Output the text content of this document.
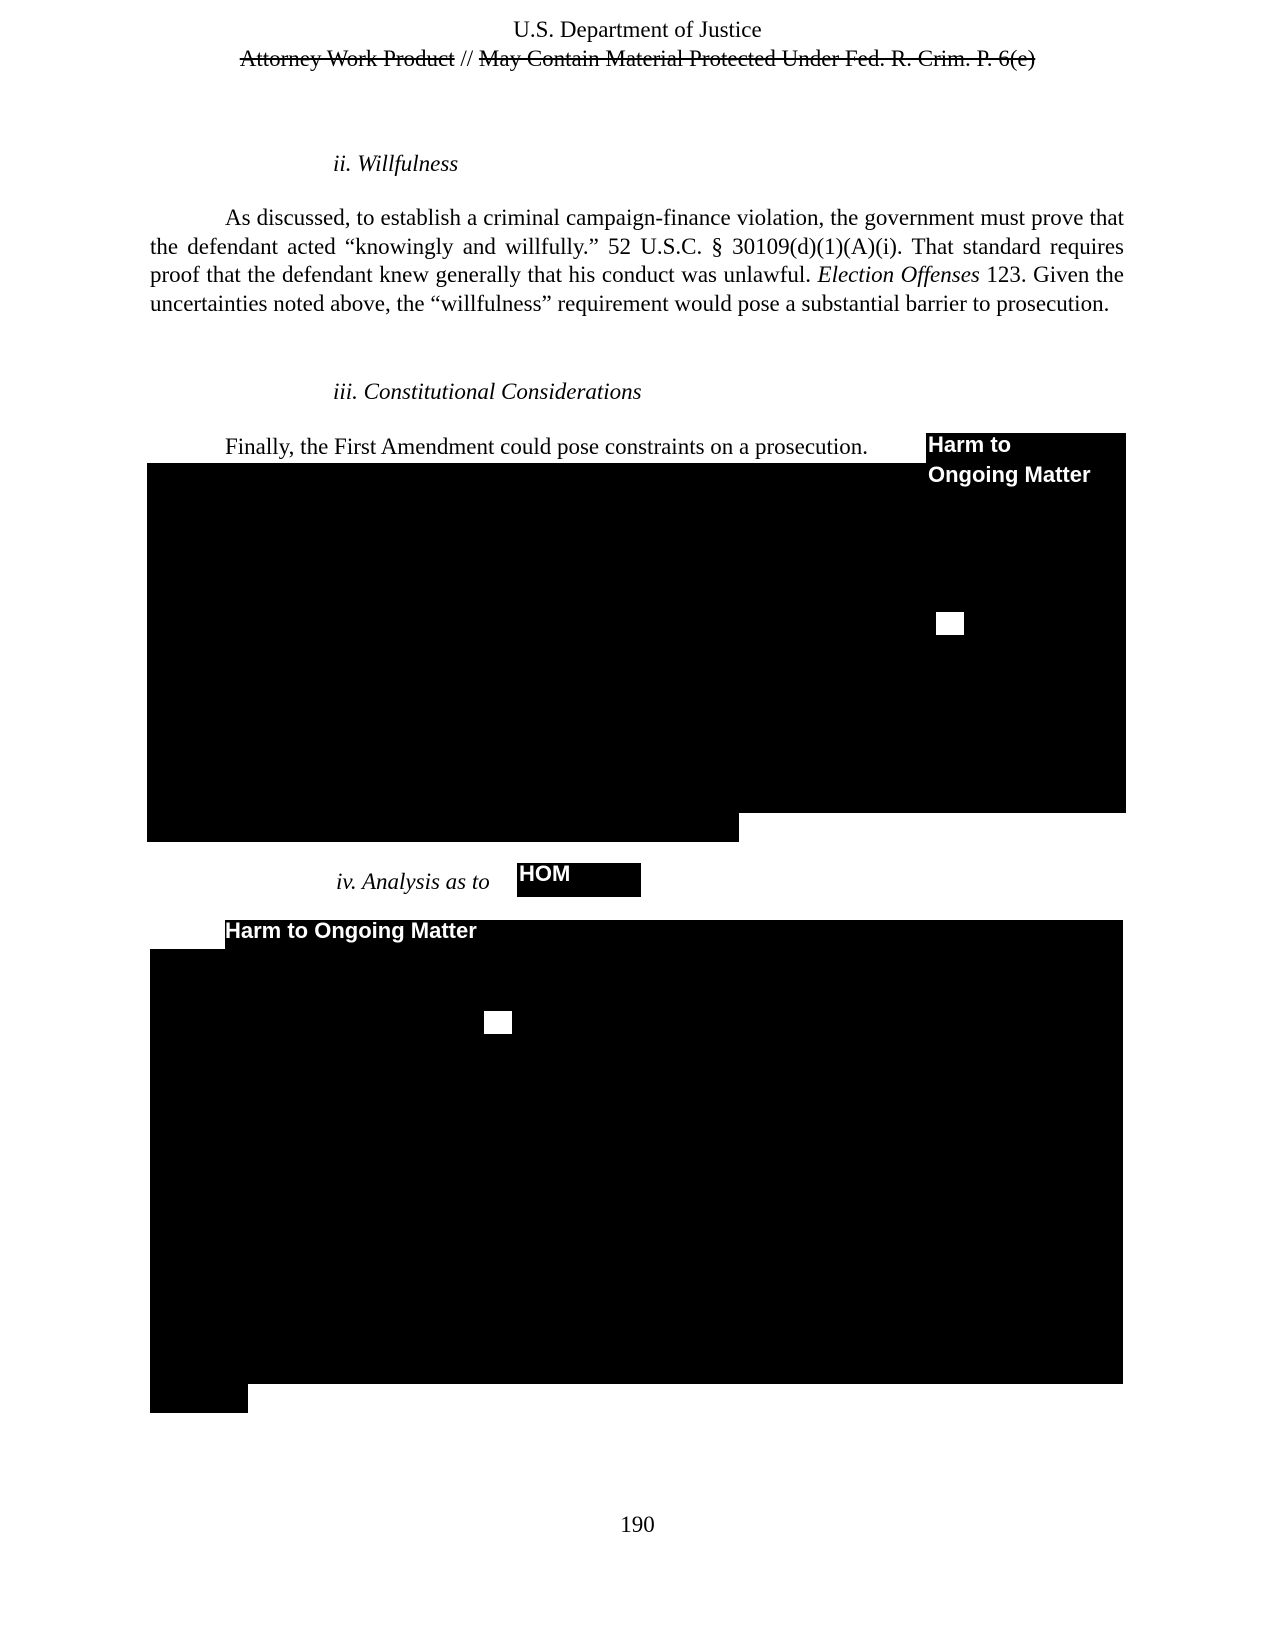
U.S. Department of Justice
Attorney Work Product // May Contain Material Protected Under Fed. R. Crim. P. 6(e)
ii. Willfulness
As discussed, to establish a criminal campaign-finance violation, the government must prove that the defendant acted “knowingly and willfully.” 52 U.S.C. § 30109(d)(1)(A)(i). That standard requires proof that the defendant knew generally that his conduct was unlawful. Election Offenses 123. Given the uncertainties noted above, the “willfulness” requirement would pose a substantial barrier to prosecution.
iii. Constitutional Considerations
Finally, the First Amendment could pose constraints on a prosecution.	Harm to
Ongoing Matter
iv. Analysis as to HOM
Harm to Ongoing Matter
190
